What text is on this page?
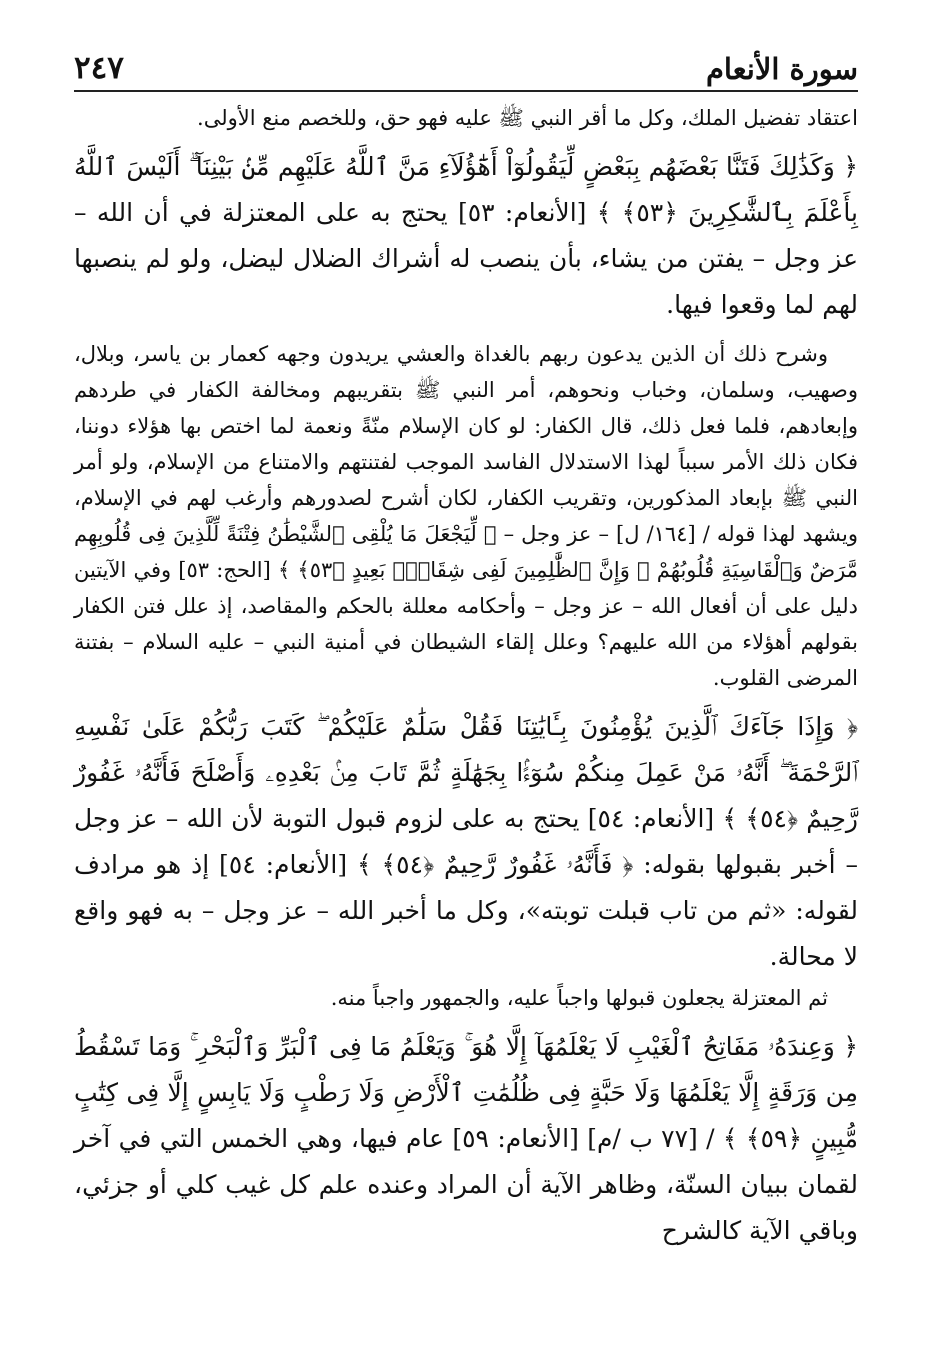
سورة الأنعام
٢٤٧

اعتقاد تفضيل الملك، وكل ما أقر النبي ﷺ عليه فهو حق، وللخصم منع الأولى.

﴿ وَكَذَٰلِكَ فَتَنَّا بَعْضَهُم بِبَعْضٍ لِّيَقُولُوٓاْ أَهَٰٓؤُلَآءِ مَنَّ ٱللَّهُ عَلَيْهِم مِّنۢ بَيْنِنَآ ۗ أَلَيْسَ ٱللَّهُ بِأَعْلَمَ بِٱلشَّٰكِرِينَ ﴿٥٣﴾ ﴾ [الأنعام: ٥٣] يحتج به على المعتزلة في أن الله – عز وجل – يفتن من يشاء، بأن ينصب له أشراك الضلال ليضل، ولو لم ينصبها لهم لما وقعوا فيها.

وشرح ذلك أن الذين يدعون ربهم بالغداة والعشي يريدون وجهه كعمار بن ياسر، وبلال، وصهيب، وسلمان، وخباب ونحوهم، أمر النبي ﷺ بتقريبهم ومخالفة الكفار في طردهم وإبعادهم، فلما فعل ذلك، قال الكفار: لو كان الإسلام منّةً ونعمة لما اختص بها هؤلاء دوننا، فكان ذلك الأمر سبباً لهذا الاستدلال الفاسد الموجب لفتنتهم والامتناع من الإسلام، ولو أمر النبي ﷺ بإبعاد المذكورين، وتقريب الكفار، لكان أشرح لصدورهم وأرغب لهم في الإسلام، ويشهد لهذا قوله / [١٦٤/ ل] – عز وجل – ﴿ لِّيَجْعَلَ مَا يُلْقِى ٱلشَّيْطَٰنُ فِتْنَةً لِّلَّذِينَ فِى قُلُوبِهِم مَّرَضٌ وَٱلْقَاسِيَةِ قُلُوبُهُمْ ۗ وَإِنَّ ٱلظَّٰلِمِينَ لَفِى شِقَاقٍۭ بَعِيدٍ ﴿٥٣﴾ ﴾ [الحج: ٥٣] وفي الآيتين دليل على أن أفعال الله – عز وجل – وأحكامه معللة بالحكم والمقاصد، إذ علل فتن الكفار بقولهم أهؤلاء من الله عليهم؟ وعلل إلقاء الشيطان في أمنية النبي – عليه السلام – بفتنة المرضى القلوب.

﴿ وَإِذَا جَآءَكَ ٱلَّذِينَ يُؤْمِنُونَ بِـَٔايَٰتِنَا فَقُلْ سَلَٰمٌ عَلَيْكُمْ ۖ كَتَبَ رَبُّكُمْ عَلَىٰ نَفْسِهِ ٱلرَّحْمَةَ ۖ أَنَّهُۥ مَنْ عَمِلَ مِنكُمْ سُوٓءًۢا بِجَهَٰلَةٍ ثُمَّ تَابَ مِنۢ بَعْدِهِۦ وَأَصْلَحَ فَأَنَّهُۥ غَفُورٌ رَّحِيمٌ ﴿٥٤﴾ ﴾ [الأنعام: ٥٤] يحتج به على لزوم قبول التوبة لأن الله – عز وجل – أخبر بقبولها بقوله: ﴿ فَأَنَّهُۥ غَفُورٌ رَّحِيمٌ ﴿٥٤﴾ ﴾ [الأنعام: ٥٤] إذ هو مرادف لقوله: «ثم من تاب قبلت توبته»، وكل ما أخبر الله – عز وجل – به فهو واقع لا محالة.

ثم المعتزلة يجعلون قبولها واجباً عليه، والجمهور واجباً منه.

﴿ وَعِندَهُۥ مَفَاتِحُ ٱلْغَيْبِ لَا يَعْلَمُهَآ إِلَّا هُوَ ۚ وَيَعْلَمُ مَا فِى ٱلْبَرِّ وَٱلْبَحْرِ ۚ وَمَا تَسْقُطُ مِن وَرَقَةٍ إِلَّا يَعْلَمُهَا وَلَا حَبَّةٍ فِى ظُلُمَٰتِ ٱلْأَرْضِ وَلَا رَطْبٍ وَلَا يَابِسٍ إِلَّا فِى كِتَٰبٍ مُّبِينٍ ﴿٥٩﴾ ﴾ / [٧٧ ب /م] [الأنعام: ٥٩] عام فيها، وهي الخمس التي في آخر لقمان ببيان السنّة، وظاهر الآية أن المراد وعنده علم كل غيب كلي أو جزئي، وباقي الآية كالشرح
